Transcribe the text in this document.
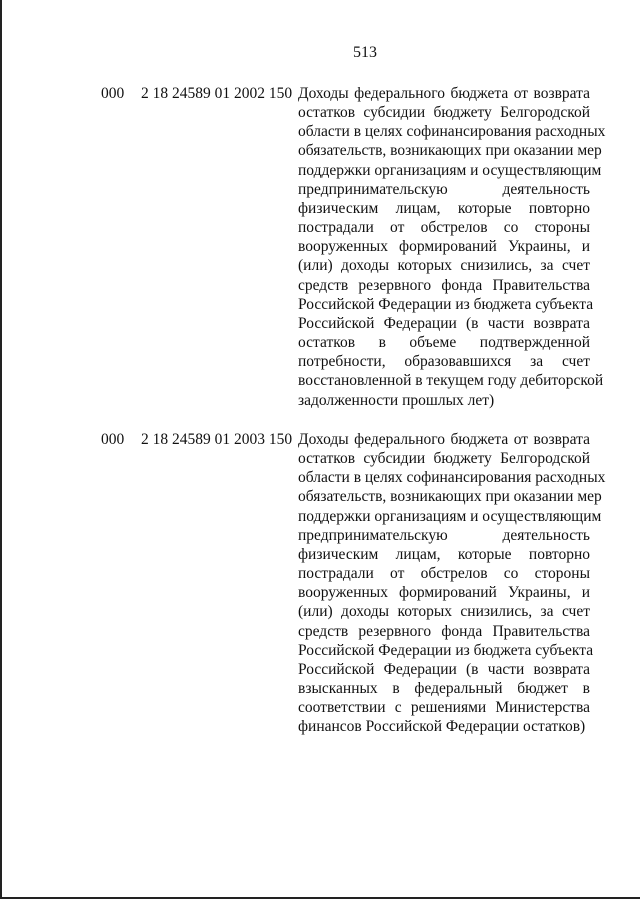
513
000 2 18 24589 01 2002 150 Доходы федерального бюджета от возврата
остатков субсидии бюджету Белгородской
области в целях софинансирования расходных
обязательств, возникающих при оказании мер
поддержки организациям и осуществляющим
предпринимательскую деятельность
физическим лицам, которые повторно
пострадали от обстрелов со стороны
вооруженных формирований Украины, и
(или) доходы которых снизились, за счет
средств резервного фонда Правительства
Российской Федерации из бюджета субъекта
Российской Федерации (в части возврата
остатков в объеме подтвержденной
потребности, образовавшихся за счет
восстановленной в текущем году дебиторской
задолженности прошлых лет)
000 2 18 24589 01 2003 150 Доходы федерального бюджета от возврата
остатков субсидии бюджету Белгородской
области в целях софинансирования расходных
обязательств, возникающих при оказании мер
поддержки организациям и осуществляющим
предпринимательскую деятельность
физическим лицам, которые повторно
пострадали от обстрелов со стороны
вооруженных формирований Украины, и
(или) доходы которых снизились, за счет
средств резервного фонда Правительства
Российской Федерации из бюджета субъекта
Российской Федерации (в части возврата
взысканных в федеральный бюджет в
соответствии с решениями Министерства
финансов Российской Федерации остатков)
